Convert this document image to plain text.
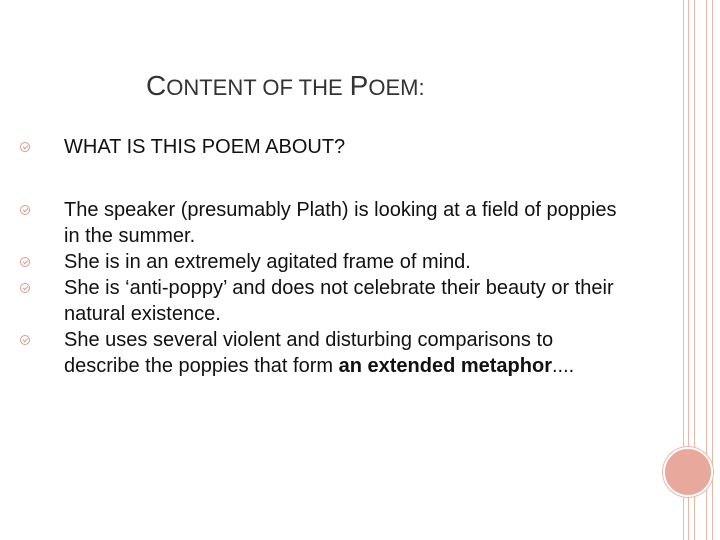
CONTENT OF THE POEM:
WHAT IS THIS POEM ABOUT?
The speaker (presumably Plath) is looking at a field of poppies in the summer.
She is in an extremely agitated frame of mind.
She is ‘anti-poppy’ and does not celebrate their beauty or their natural existence.
She uses several violent and disturbing comparisons to describe the poppies that form an extended metaphor....
